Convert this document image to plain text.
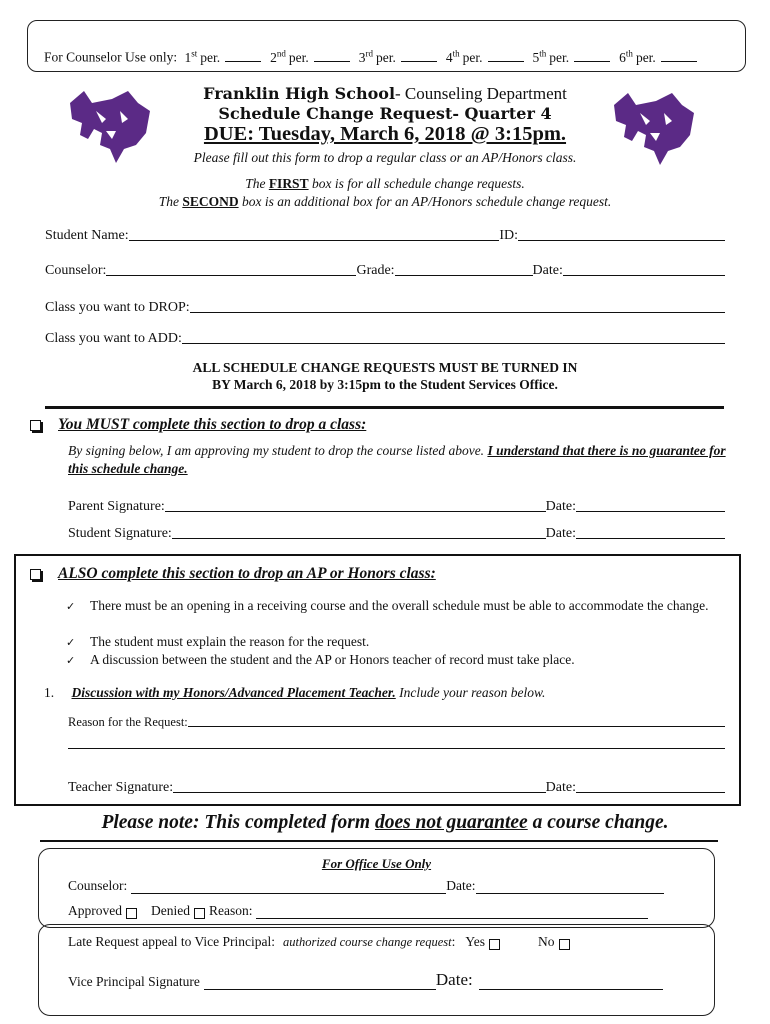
For Counselor Use only: 1st per.	2nd per.	3rd per.	4th per.	5th per.	6th per.
Franklin High School- Counseling Department
Schedule Change Request- Quarter 4
DUE: Tuesday, March 6, 2018 @ 3:15pm.
Please fill out this form to drop a regular class or an AP/Honors class.
The FIRST box is for all schedule change requests.
The SECOND box is an additional box for an AP/Honors schedule change request.
Student Name:	ID:
Counselor:	Grade:	Date:
Class you want to DROP:
Class you want to ADD:
ALL SCHEDULE CHANGE REQUESTS MUST BE TURNED IN
BY March 6, 2018 by 3:15pm to the Student Services Office.
You MUST complete this section to drop a class:
By signing below, I am approving my student to drop the course listed above. I understand that there is no guarantee for this schedule change.
Parent Signature:	Date:
Student Signature:	Date:
ALSO complete this section to drop an AP or Honors class:
✓ There must be an opening in a receiving course and the overall schedule must be able to accommodate the change.
✓ The student must explain the reason for the request.
✓ A discussion between the student and the AP or Honors teacher of record must take place.
1. Discussion with my Honors/Advanced Placement Teacher. Include your reason below.
Reason for the Request:
Teacher Signature:	Date:
Please note: This completed form does not guarantee a course change.
For Office Use Only
Counselor:	Date:
Approved Denied Reason:
Late Request appeal to Vice Principal: authorized course change request : Yes	No
Vice Principal Signature	Date:
